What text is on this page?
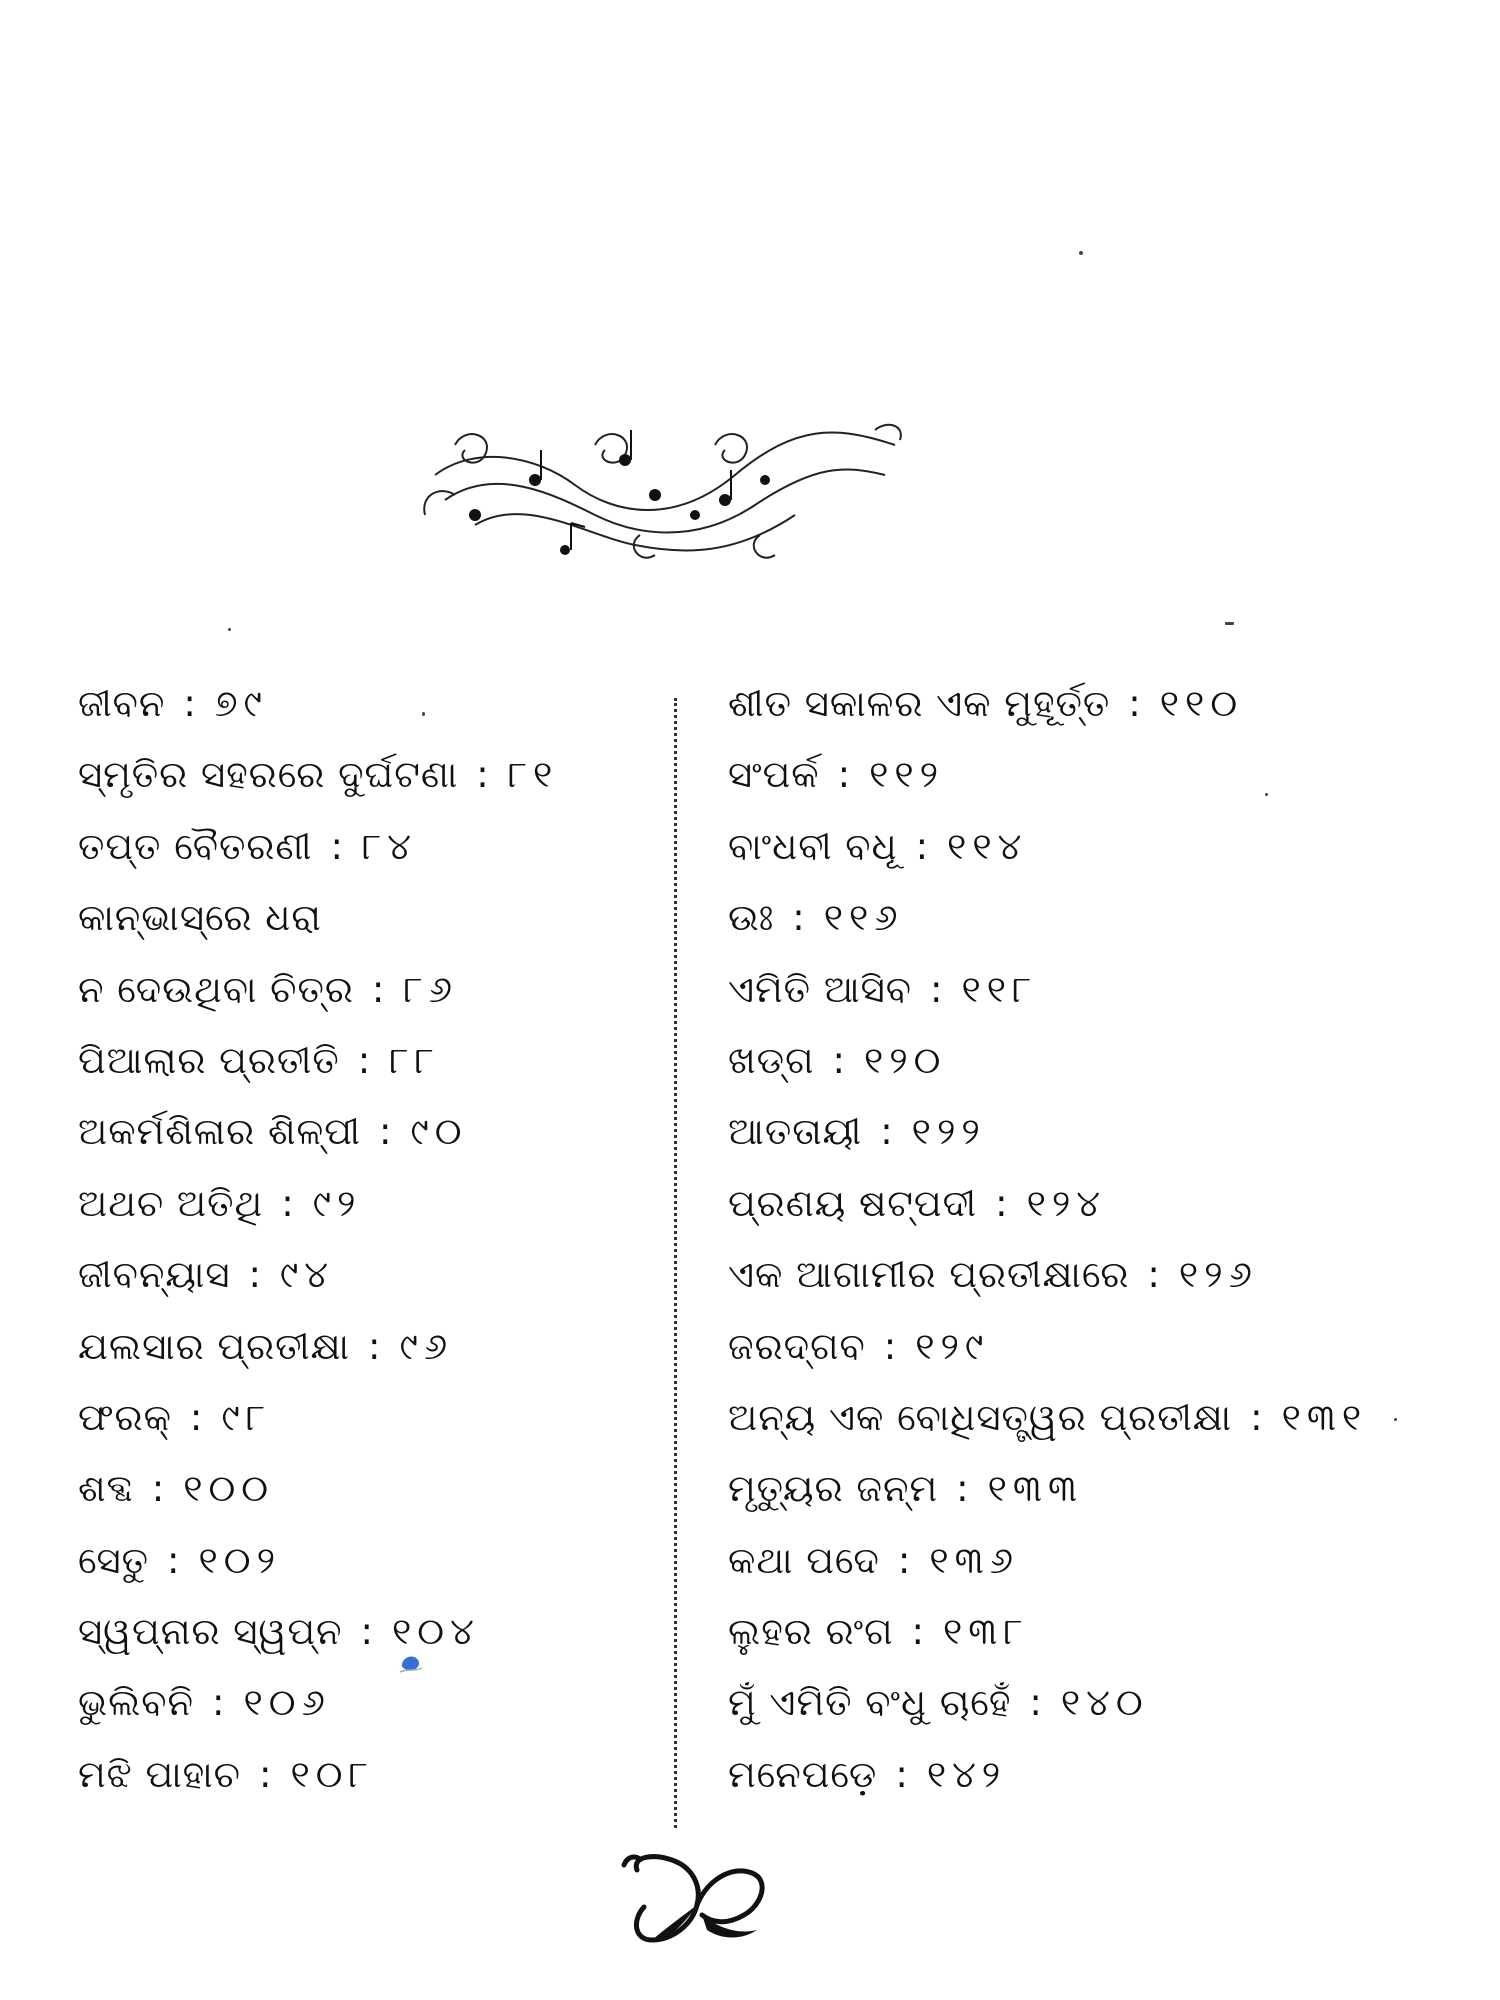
ଜୀବନ : ୭୯
ସ୍ମୃତିର ସହରରେ ଦୁର୍ଘଟଣା : ୮୧
ତପ୍ତ ବୈତରଣୀ : ୮୪
କାନ୍‌ଭାସ୍‌ରେ ଧରା
ନ ଦେଉଥିବା ଚିତ୍ର : ୮୬
ପିଆଲାର ପ୍ରତୀତି : ୮୮
ଅକର୍ମଶିଳାର ଶିଳ୍ପୀ : ୯୦
ଅଥଚ ଅତିଥି : ୯୨
ଜୀବନ୍ୟାସ : ୯୪
ଯଲସାର ପ୍ରତୀକ୍ଷା : ୯୬
ଫରକ୍ : ୯୮
ଶବ୍ଦ : ୧୦୦
ସେତୁ : ୧୦୨
ସ୍ୱପ୍ନାର ସ୍ୱପ୍ନ : ୧୦୪
ଭୁଲିବନି : ୧୦୬
ମଝି ପାହାଚ : ୧୦୮
ଶୀତ ସକାଳର ଏକ ମୁହୂର୍ତ୍ତ : ୧୧୦
ସଂପର୍କ : ୧୧୨
ବାଂଧବୀ ବଧୂ : ୧୧୪
ଉଃ : ୧୧୬
ଏମିତି ଆସିବ : ୧୧୮
ଖଡ୍‌ଗ : ୧୨୦
ଆତତାୟୀ : ୧୨୨
ପ୍ରଣୟ ଷଟ୍‌ପଦୀ : ୧୨୪
ଏକ ଆଗାମୀର ପ୍ରତୀକ୍ଷାରେ : ୧୨୬
ଜରଦ୍‌ଗବ : ୧୨୯
ଅନ୍ୟ ଏକ ବୋଧିସତ୍ତ୍ୱର ପ୍ରତୀକ୍ଷା : ୧୩୧
ମୃତ୍ୟୁର ଜନ୍ମ : ୧୩୩
କଥା ପଦେ : ୧୩୬
ଲୁହର ରଂଗ : ୧୩୮
ମୁଁ ଏମିତି ବଂଧୁ ଚାହେଁ : ୧୪୦
ମନେପଡ଼େ : ୧୪୨
